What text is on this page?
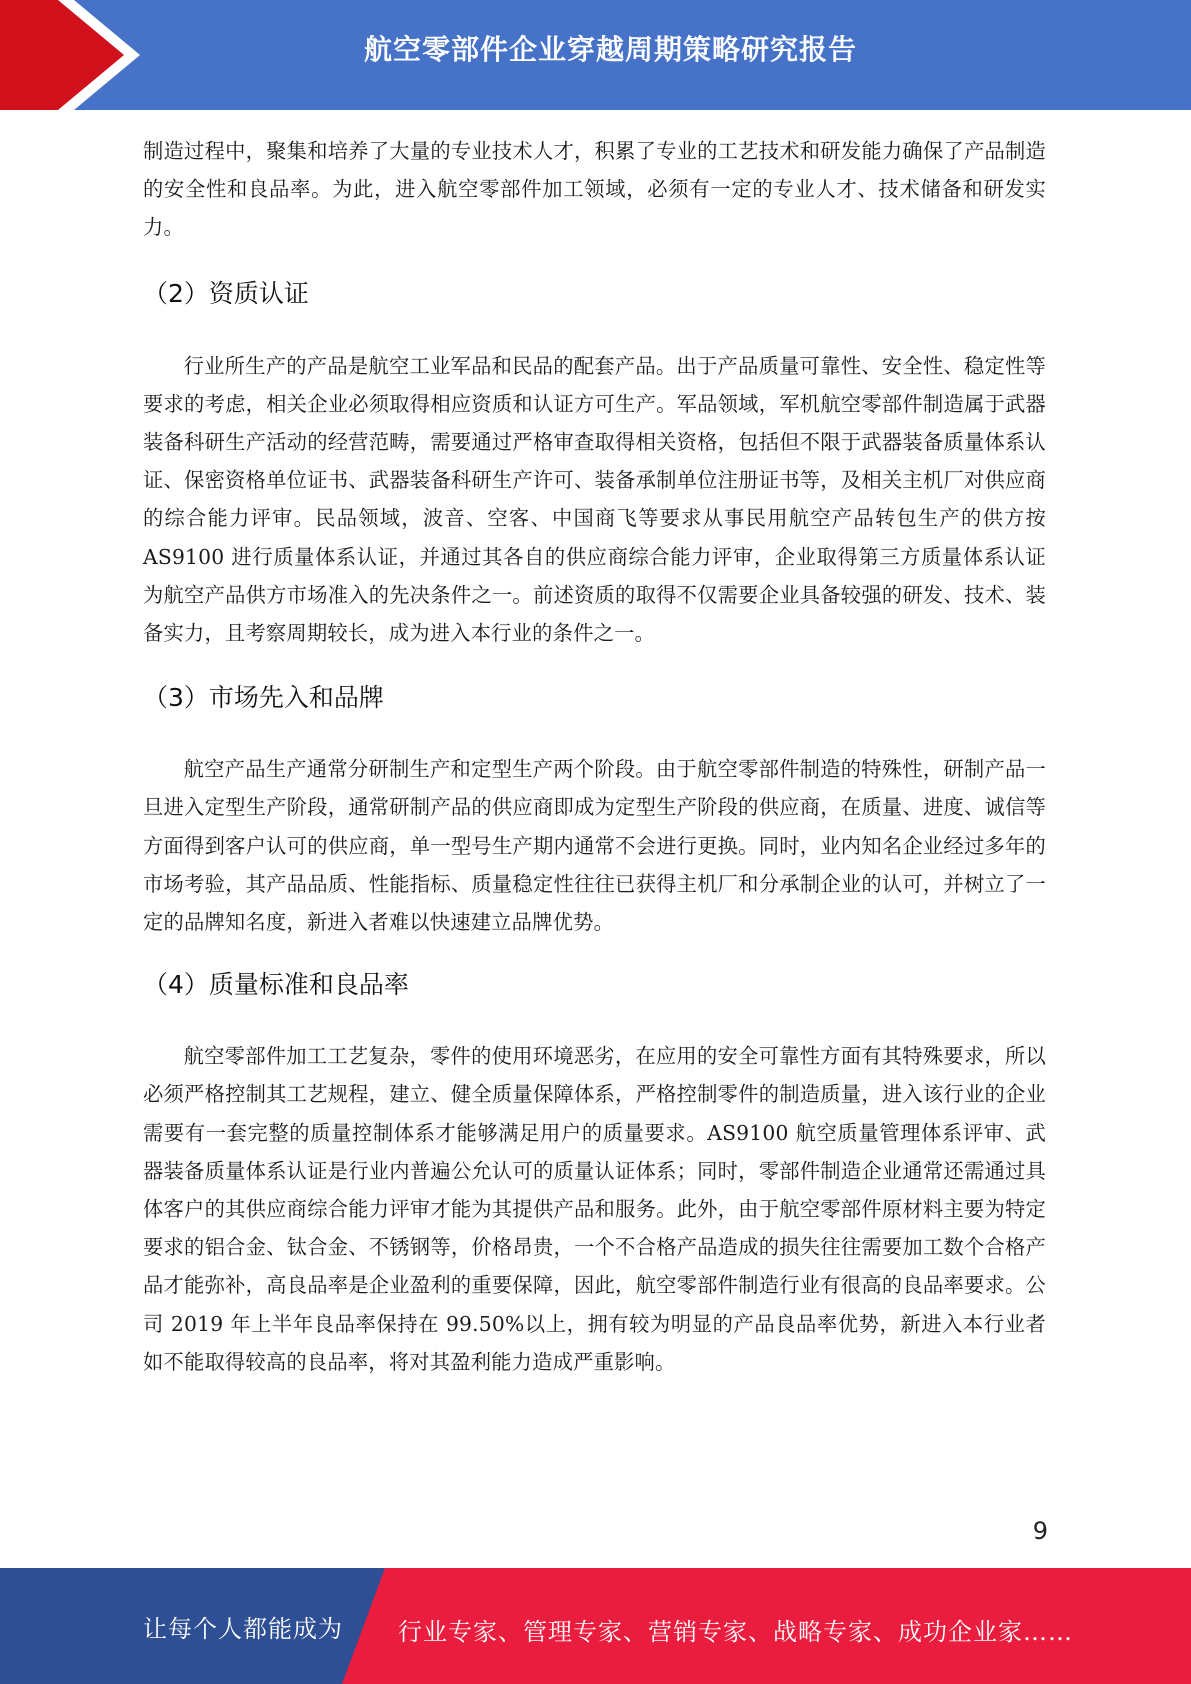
航空零部件企业穿越周期策略研究报告

制造过程中，聚集和培养了大量的专业技术人才，积累了专业的工艺技术和研发能力确保了产品制造的安全性和良品率。为此，进入航空零部件加工领域，必须有一定的专业人才、技术储备和研发实力。

（2）资质认证

行业所生产的产品是航空工业军品和民品的配套产品。出于产品质量可靠性、安全性、稳定性等要求的考虑，相关企业必须取得相应资质和认证方可生产。军品领域，军机航空零部件制造属于武器装备科研生产活动的经营范畴，需要通过严格审查取得相关资格，包括但不限于武器装备质量体系认证、保密资格单位证书、武器装备科研生产许可、装备承制单位注册证书等，及相关主机厂对供应商的综合能力评审。民品领域，波音、空客、中国商飞等要求从事民用航空产品转包生产的供方按 AS9100 进行质量体系认证，并通过其各自的供应商综合能力评审，企业取得第三方质量体系认证为航空产品供方市场准入的先决条件之一。前述资质的取得不仅需要企业具备较强的研发、技术、装备实力，且考察周期较长，成为进入本行业的条件之一。

（3）市场先入和品牌

航空产品生产通常分研制生产和定型生产两个阶段。由于航空零部件制造的特殊性，研制产品一旦进入定型生产阶段，通常研制产品的供应商即成为定型生产阶段的供应商，在质量、进度、诚信等方面得到客户认可的供应商，单一型号生产期内通常不会进行更换。同时，业内知名企业经过多年的市场考验，其产品品质、性能指标、质量稳定性往往已获得主机厂和分承制企业的认可，并树立了一定的品牌知名度，新进入者难以快速建立品牌优势。

（4）质量标准和良品率

航空零部件加工工艺复杂，零件的使用环境恶劣，在应用的安全可靠性方面有其特殊要求，所以必须严格控制其工艺规程，建立、健全质量保障体系，严格控制零件的制造质量，进入该行业的企业需要有一套完整的质量控制体系才能够满足用户的质量要求。AS9100 航空质量管理体系评审、武器装备质量体系认证是行业内普遍公允认可的质量认证体系；同时，零部件制造企业通常还需通过具体客户的其供应商综合能力评审才能为其提供产品和服务。此外，由于航空零部件原材料主要为特定要求的铝合金、钛合金、不锈钢等，价格昂贵，一个不合格产品造成的损失往往需要加工数个合格产品才能弥补，高良品率是企业盈利的重要保障，因此，航空零部件制造行业有很高的良品率要求。公司 2019 年上半年良品率保持在 99.50%以上，拥有较为明显的产品良品率优势，新进入本行业者如不能取得较高的良品率，将对其盈利能力造成严重影响。

9
让每个人都能成为 行业专家、管理专家、营销专家、战略专家、成功企业家……
